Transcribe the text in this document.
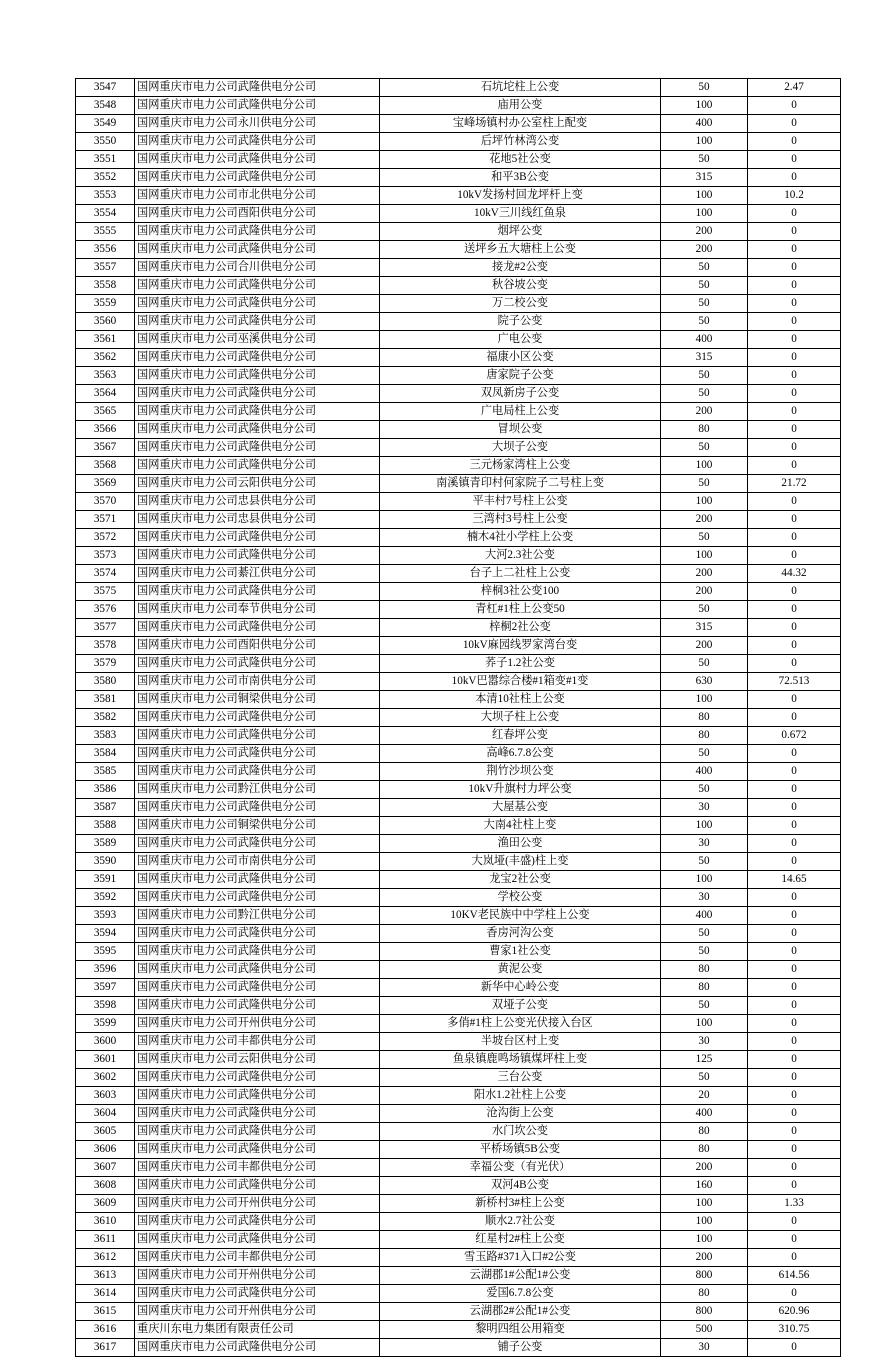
3547	国网重庆市电力公司武隆供电分公司	石坑坨柱上公变	50	2.47
3548	国网重庆市电力公司武隆供电分公司	庙用公变	100	0
3549	国网重庆市电力公司永川供电分公司	宝峰场镇村办公室柱上配变	400	0
3550	国网重庆市电力公司武隆供电分公司	后坪竹林湾公变	100	0
3551	国网重庆市电力公司武隆供电分公司	花地5社公变	50	0
3552	国网重庆市电力公司武隆供电分公司	和平3B公变	315	0
3553	国网重庆市电力公司市北供电分公司	10kV发扬村回龙坪杆上变	100	10.2
3554	国网重庆市电力公司酉阳供电分公司	10kV三川线红鱼泉	100	0
3555	国网重庆市电力公司武隆供电分公司	烟坪公变	200	0
3556	国网重庆市电力公司武隆供电分公司	送坪乡五大塘柱上公变	200	0
3557	国网重庆市电力公司合川供电分公司	接龙#2公变	50	0
3558	国网重庆市电力公司武隆供电分公司	秋谷坡公变	50	0
3559	国网重庆市电力公司武隆供电分公司	万二校公变	50	0
3560	国网重庆市电力公司武隆供电分公司	院子公变	50	0
3561	国网重庆市电力公司巫溪供电分公司	广电公变	400	0
3562	国网重庆市电力公司武隆供电分公司	福康小区公变	315	0
3563	国网重庆市电力公司武隆供电分公司	唐家院子公变	50	0
3564	国网重庆市电力公司武隆供电分公司	双凤新房子公变	50	0
3565	国网重庆市电力公司武隆供电分公司	广电局柱上公变	200	0
3566	国网重庆市电力公司武隆供电分公司	冒坝公变	80	0
3567	国网重庆市电力公司武隆供电分公司	大坝子公变	50	0
3568	国网重庆市电力公司武隆供电分公司	三元杨家湾柱上公变	100	0
3569	国网重庆市电力公司云阳供电分公司	南溪镇青印村何家院子二号柱上变	50	21.72
3570	国网重庆市电力公司忠县供电分公司	平丰村7号柱上公变	100	0
3571	国网重庆市电力公司忠县供电分公司	三湾村3号柱上公变	200	0
3572	国网重庆市电力公司武隆供电分公司	楠木4社小学柱上公变	50	0
3573	国网重庆市电力公司武隆供电分公司	大河2.3社公变	100	0
3574	国网重庆市电力公司綦江供电分公司	台子上二社柱上公变	200	44.32
3575	国网重庆市电力公司武隆供电分公司	梓桐3社公变100	200	0
3576	国网重庆市电力公司奉节供电分公司	青杠#1柱上公变50	50	0
3577	国网重庆市电力公司武隆供电分公司	梓桐2社公变	315	0
3578	国网重庆市电力公司酉阳供电分公司	10kV麻园线罗家湾台变	200	0
3579	国网重庆市电力公司武隆供电分公司	荞子1.2社公变	50	0
3580	国网重庆市电力公司市南供电分公司	10kV巴嚣综合楼#1箱变#1变	630	72.513
3581	国网重庆市电力公司铜梁供电分公司	本清10社柱上公变	100	0
3582	国网重庆市电力公司武隆供电分公司	大坝子柱上公变	80	0
3583	国网重庆市电力公司武隆供电分公司	红春坪公变	80	0.672
3584	国网重庆市电力公司武隆供电分公司	高峰6.7.8公变	50	0
3585	国网重庆市电力公司武隆供电分公司	荆竹沙坝公变	400	0
3586	国网重庆市电力公司黔江供电分公司	10kV升旗村力坪公变	50	0
3587	国网重庆市电力公司武隆供电分公司	大屋基公变	30	0
3588	国网重庆市电力公司铜梁供电分公司	大南4社柱上变	100	0
3589	国网重庆市电力公司武隆供电分公司	渔田公变	30	0
3590	国网重庆市电力公司市南供电分公司	大岚垭(丰盛)柱上变	50	0
3591	国网重庆市电力公司武隆供电分公司	龙宝2社公变	100	14.65
3592	国网重庆市电力公司武隆供电分公司	学校公变	30	0
3593	国网重庆市电力公司黔江供电分公司	10KV老民族中中学柱上公变	400	0
3594	国网重庆市电力公司武隆供电分公司	香房河沟公变	50	0
3595	国网重庆市电力公司武隆供电分公司	曹家1社公变	50	0
3596	国网重庆市电力公司武隆供电分公司	黄泥公变	80	0
3597	国网重庆市电力公司武隆供电分公司	新华中心岭公变	80	0
3598	国网重庆市电力公司武隆供电分公司	双垭子公变	50	0
3599	国网重庆市电力公司开州供电分公司	多俏#1柱上公变光伏接入台区	100	0
3600	国网重庆市电力公司丰都供电分公司	半坡台区村上变	30	0
3601	国网重庆市电力公司云阳供电分公司	鱼泉镇鹿鸣场镇煤坪柱上变	125	0
3602	国网重庆市电力公司武隆供电分公司	三台公变	50	0
3603	国网重庆市电力公司武隆供电分公司	阳水1.2社柱上公变	20	0
3604	国网重庆市电力公司武隆供电分公司	沧沟街上公变	400	0
3605	国网重庆市电力公司武隆供电分公司	水门坎公变	80	0
3606	国网重庆市电力公司武隆供电分公司	平桥场镇5B公变	80	0
3607	国网重庆市电力公司丰都供电分公司	幸福公变（有光伏）	200	0
3608	国网重庆市电力公司武隆供电分公司	双河4B公变	160	0
3609	国网重庆市电力公司开州供电分公司	新桥村3#柱上公变	100	1.33
3610	国网重庆市电力公司武隆供电分公司	顺水2.7社公变	100	0
3611	国网重庆市电力公司武隆供电分公司	红星村2#柱上公变	100	0
3612	国网重庆市电力公司丰都供电分公司	雪玉路#371入口#2公变	200	0
3613	国网重庆市电力公司开州供电分公司	云湖郡1#公配1#公变	800	614.56
3614	国网重庆市电力公司武隆供电分公司	爱国6.7.8公变	80	0
3615	国网重庆市电力公司开州供电分公司	云湖郡2#公配1#公变	800	620.96
3616	重庆川东电力集团有限责任公司	黎明四组公用箱变	500	310.75
3617	国网重庆市电力公司武隆供电分公司	铺子公变	30	0
